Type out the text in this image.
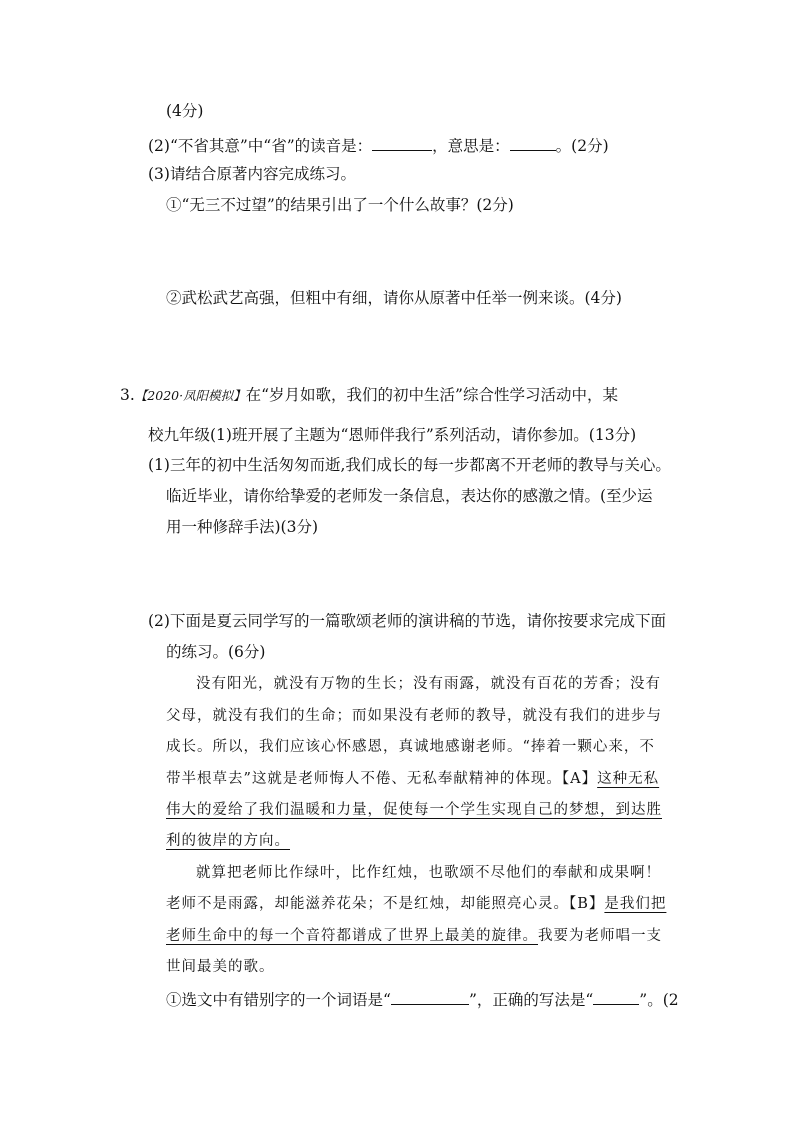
(4分)
(2)“不省其意”中“省”的读音是：	，意思是：	。(2分)
(3)请结合原著内容完成练习。
①“无三不过望”的结果引出了一个什么故事？(2分)
②武松武艺高强，但粗中有细，请你从原著中任举一例来谈。(4分)
3.【2020·凤阳模拟】在“岁月如歌，我们的初中生活”综合性学习活动中，某
校九年级(1)班开展了主题为“恩师伴我行”系列活动，请你参加。(13分)
(1)三年的初中生活匆匆而逝,我们成长的每一步都离不开老师的教导与关心。
临近毕业，请你给挚爱的老师发一条信息，表达你的感激之情。(至少运
用一种修辞手法)(3分)
(2)下面是夏云同学写的一篇歌颂老师的演讲稿的节选，请你按要求完成下面
的练习。(6分)
没有阳光，就没有万物的生长；没有雨露，就没有百花的芳香；没有
父母，就没有我们的生命；而如果没有老师的教导，就没有我们的进步与
成长。所以，我们应该心怀感恩，真诚地感谢老师。“捧着一颗心来，不
带半根草去”这就是老师悔人不倦、无私奉献精神的体现。【A】这种无私
伟大的爱给了我们温暖和力量，促使每一个学生实现自己的梦想，到达胜
利的彼岸的方向。
就算把老师比作绿叶，比作红烛，也歌颂不尽他们的奉献和成果啊！
老师不是雨露，却能滋养花朵；不是红烛，却能照亮心灵。【B】是我们把
老师生命中的每一个音符都谱成了世界上最美的旋律。我要为老师唱一支
世间最美的歌。
①选文中有错别字的一个词语是“	”，正确的写法是“	”。(2
